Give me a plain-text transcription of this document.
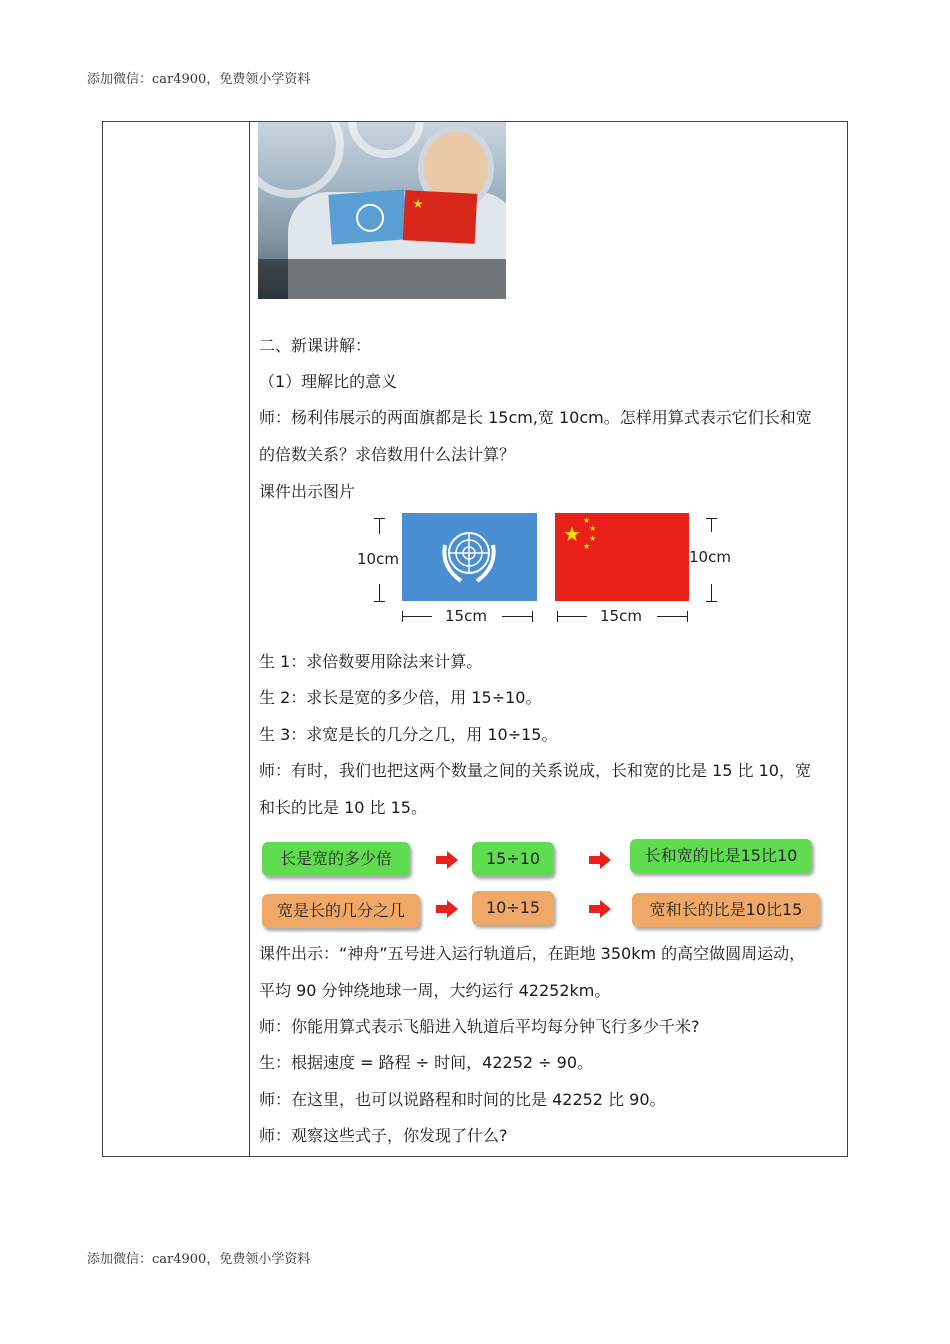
添加微信：car4900，免费领小学资料
★
二、新课讲解：
（1）理解比的意义
师：杨利伟展示的两面旗都是长 15cm,宽 10cm。怎样用算式表示它们长和宽
的倍数关系？求倍数用什么法计算？
课件出示图片
★
★
★
★
★
10cm	10cm
15cm	15cm
生 1：求倍数要用除法来计算。
生 2：求长是宽的多少倍，用 15÷10。
生 3：求宽是长的几分之几，用 10÷15。
师：有时，我们也把这两个数量之间的关系说成，长和宽的比是 15 比 10，宽
和长的比是 10 比 15。
长是宽的多少倍	15÷10	长和宽的比是15比10
宽是长的几分之几	10÷15	宽和长的比是10比15
课件出示：“神舟”五号进入运行轨道后，在距地 350km 的高空做圆周运动，
平均 90 分钟绕地球一周，大约运行 42252km。
师：你能用算式表示飞船进入轨道后平均每分钟飞行多少千米?
生：根据速度 = 路程 ÷ 时间，42252 ÷ 90。
师：在这里，也可以说路程和时间的比是 42252 比 90。
师：观察这些式子，你发现了什么?
添加微信：car4900，免费领小学资料
